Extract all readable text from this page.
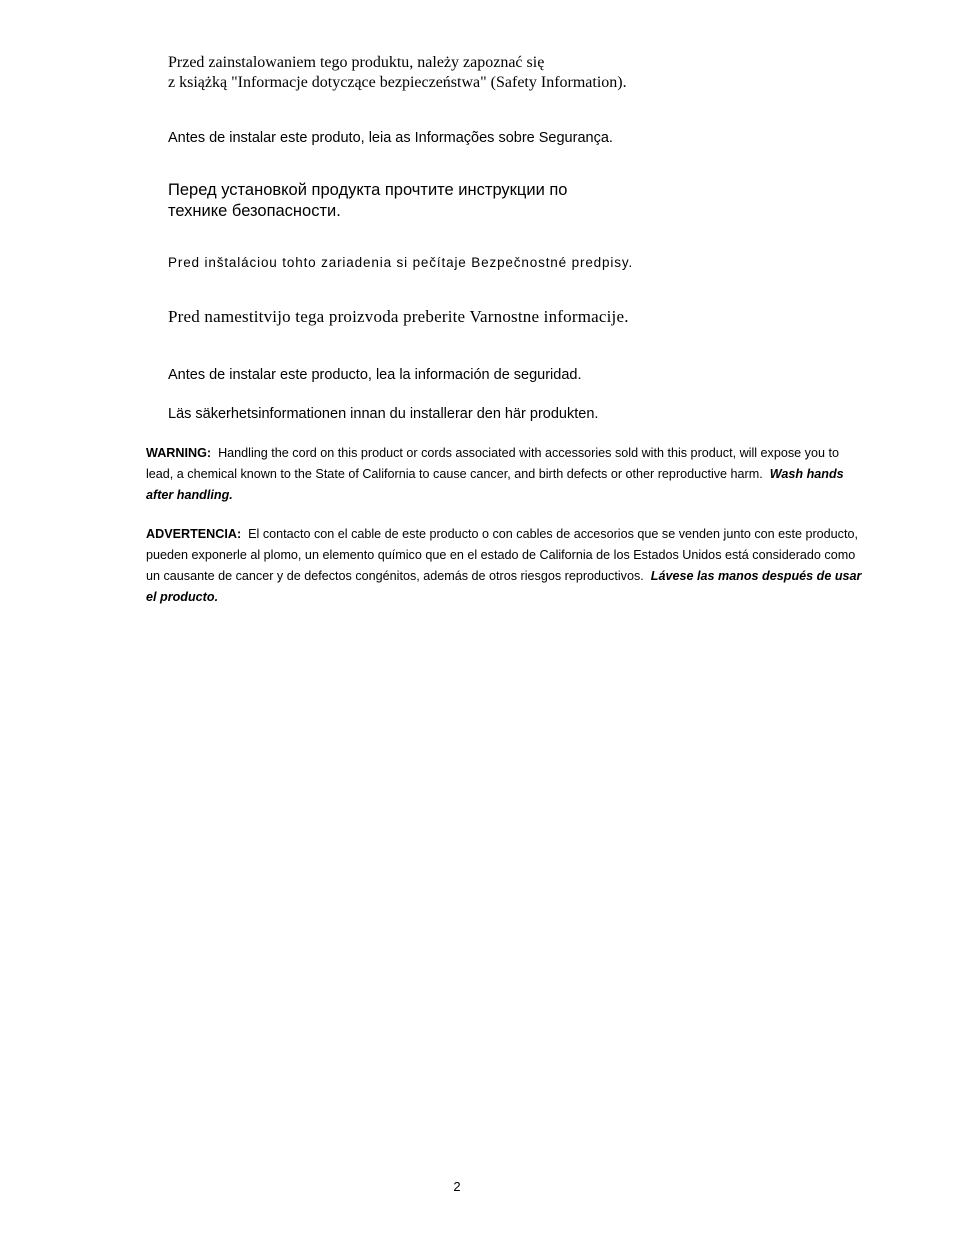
Przed zainstalowaniem tego produktu, należy zapoznać się

z książką "Informacje dotyczące bezpieczeństwa" (Safety Information).

Antes de instalar este produto, leia as Informações sobre Segurança.

Перед установкой продукта прочтите инструкции по

технике безопасности.

Pred inštaláciou tohto zariadenia si pečítaje Bezpečnostné predpisy.

Pred namestitvijo tega proizvoda preberite Varnostne informacije.

Antes de instalar este producto, lea la información de seguridad.

Läs säkerhetsinformationen innan du installerar den här produkten.

WARNING: Handling the cord on this product or cords associated with accessories sold with this product, will expose you to lead, a chemical known to the State of California to cause cancer, and birth defects or other reproductive harm. Wash hands after handling.

ADVERTENCIA: El contacto con el cable de este producto o con cables de accesorios que se venden junto con este producto, pueden exponerle al plomo, un elemento químico que en el estado de California de los Estados Unidos está considerado como un causante de cancer y de defectos congénitos, además de otros riesgos reproductivos. Lávese las manos después de usar el producto.

2
